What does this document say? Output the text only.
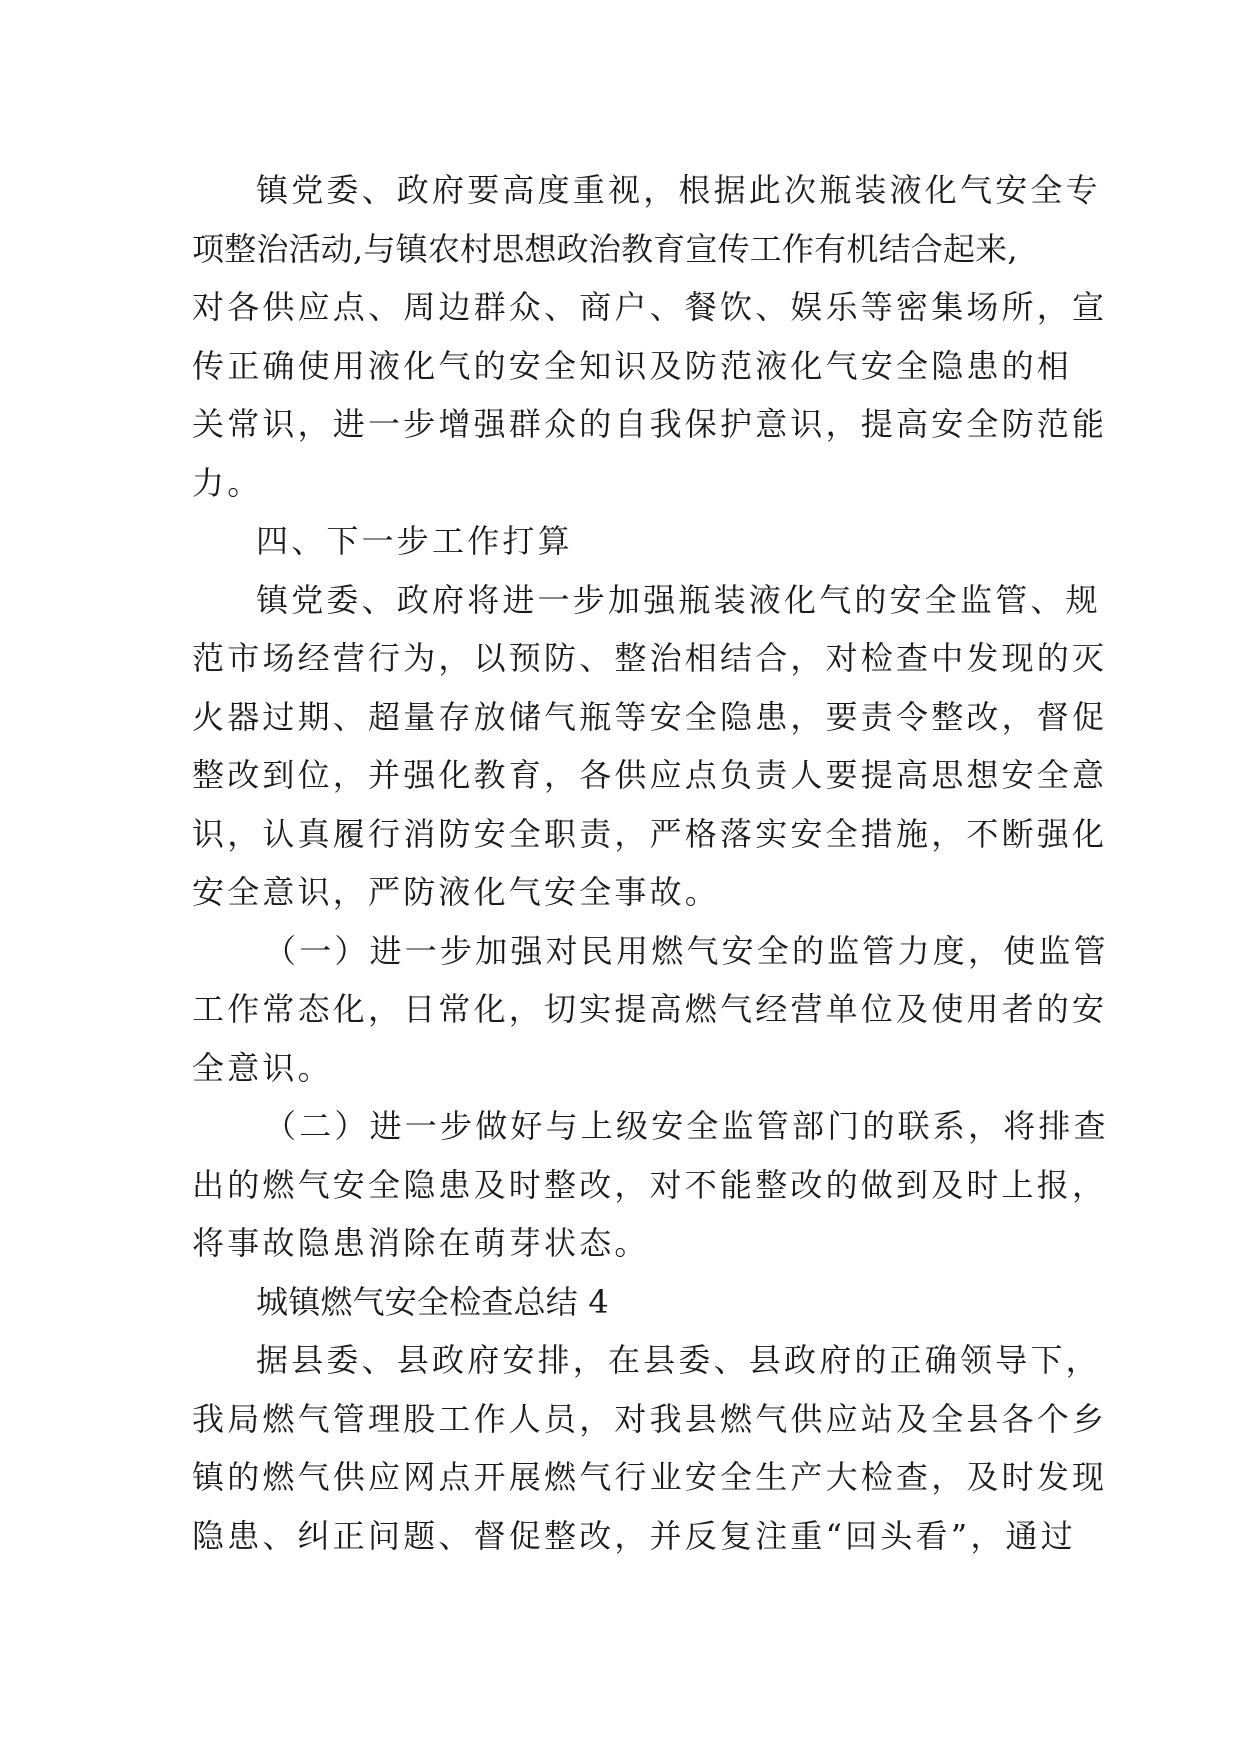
镇党委、政府要高度重视，根据此次瓶装液化气安全专
项整治活动,与镇农村思想政治教育宣传工作有机结合起来,
对各供应点、周边群众、商户、餐饮、娱乐等密集场所，宣
传正确使用液化气的安全知识及防范液化气安全隐患的相
关常识，进一步增强群众的自我保护意识，提高安全防范能
力。
四、下一步工作打算
镇党委、政府将进一步加强瓶装液化气的安全监管、规
范市场经营行为，以预防、整治相结合，对检查中发现的灭
火器过期、超量存放储气瓶等安全隐患，要责令整改，督促
整改到位，并强化教育，各供应点负责人要提高思想安全意
识，认真履行消防安全职责，严格落实安全措施，不断强化
安全意识，严防液化气安全事故。
（一）进一步加强对民用燃气安全的监管力度，使监管
工作常态化，日常化，切实提高燃气经营单位及使用者的安
全意识。
（二）进一步做好与上级安全监管部门的联系，将排查
出的燃气安全隐患及时整改，对不能整改的做到及时上报，
将事故隐患消除在萌芽状态。
城镇燃气安全检查总结 4
据县委、县政府安排，在县委、县政府的正确领导下，
我局燃气管理股工作人员，对我县燃气供应站及全县各个乡
镇的燃气供应网点开展燃气行业安全生产大检查，及时发现
隐患、纠正问题、督促整改，并反复注重“回头看”，通过
